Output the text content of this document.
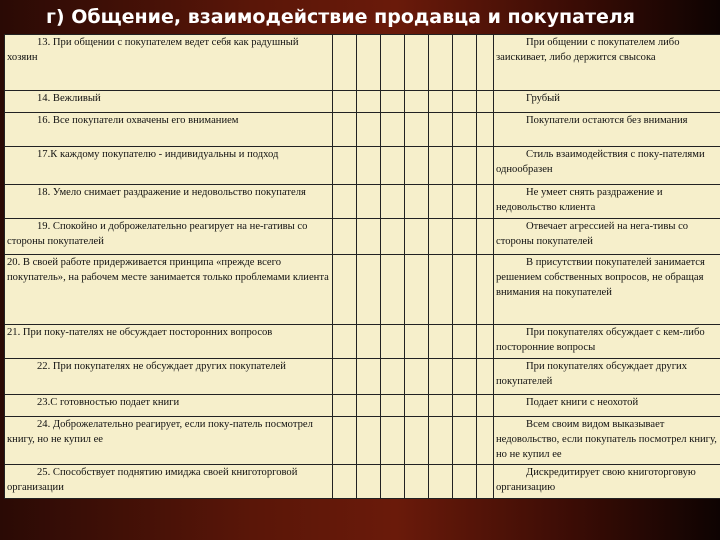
г) Общение, взаимодействие продавца и покупателя
13. При общении с покупателем ведет себя как радушный хозяин								При общении с покупателем либо заискивает, либо держится свысока
14. Вежливый								Грубый
16. Все покупатели охвачены его вниманием								Покупатели остаются без внимания
17.К каждому покупателю - индивидуальны и подход								Стиль взаимодействия с поку-пателями однообразен
18. Умело снимает раздражение и недовольство покупателя								Не умеет снять раздражение и недовольство клиента
19. Спокойно и доброжелательно реагирует на не-гативы со стороны покупателей								Отвечает агрессией на нега-тивы со стороны покупателей
20. В своей работе придерживается принципа «прежде всего покупатель», на рабочем месте занимается только проблемами клиента								В присутствии покупателей занимается решением собственных вопросов, не обращая внимания на покупателей
21. При поку-пателях не обсуждает посторонних вопросов								При покупателях обсуждает с кем-либо посторонние вопросы
22. При покупателях не обсуждает других покупателей								При покупателях обсуждает других покупателей
23.С готовностью подает книги								Подает книги с неохотой
24. Доброжелательно реагирует, если поку-патель посмотрел книгу, но не купил ее								Всем своим видом выказывает недовольство, если покупатель посмотрел книгу, но не купил ее
25. Способствует поднятию имиджа своей книготорговой организации								Дискредитирует свою книготорговую организацию
